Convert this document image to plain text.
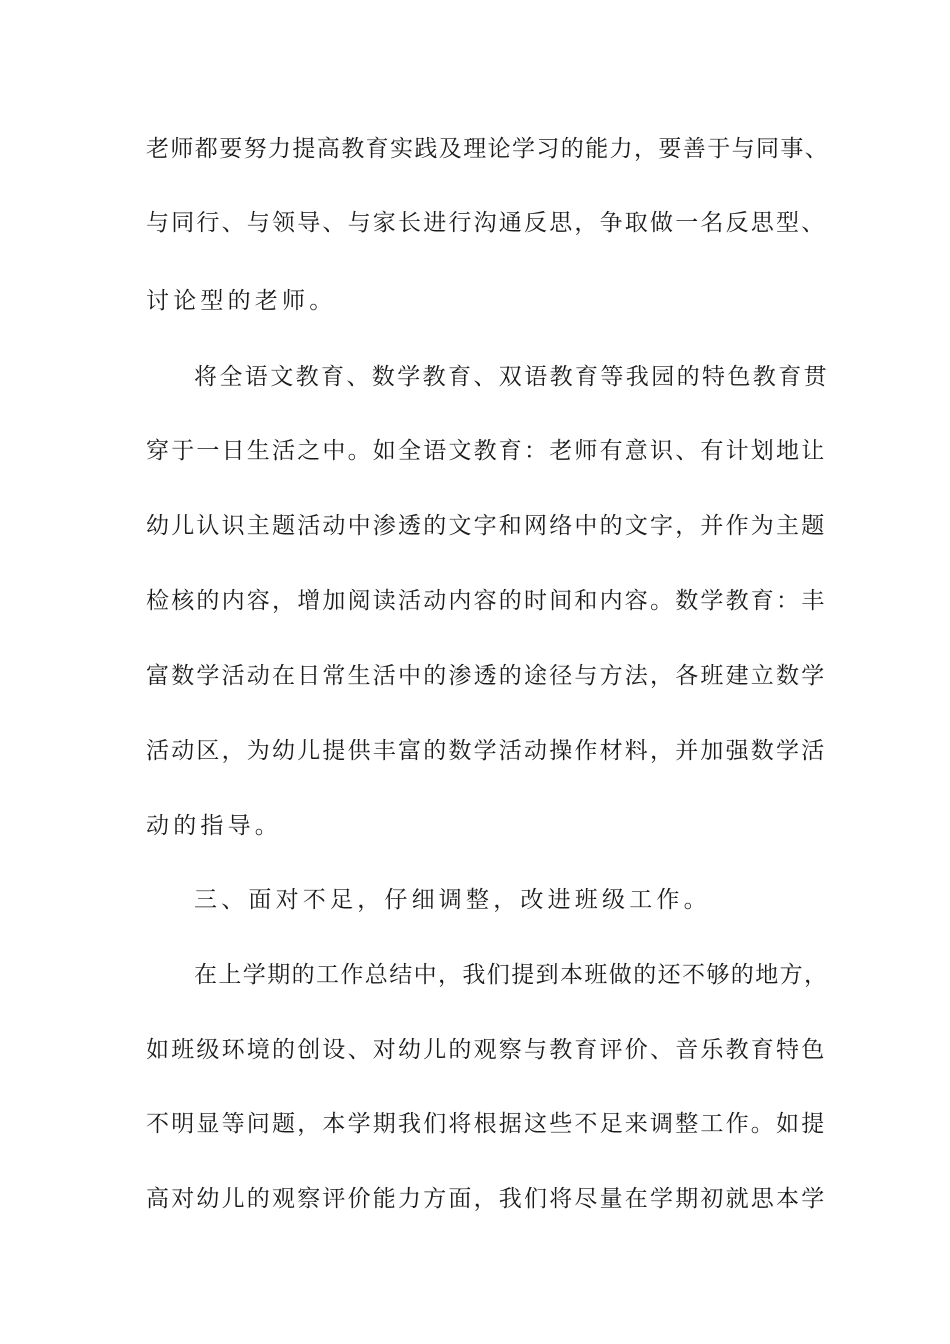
老师都要努力提高教育实践及理论学习的能力，要善于与同事、

与同行、与领导、与家长进行沟通反思，争取做一名反思型、

讨论型的老师。

将全语文教育、数学教育、双语教育等我园的特色教育贯

穿于一日生活之中。如全语文教育：老师有意识、有计划地让

幼儿认识主题活动中渗透的文字和网络中的文字，并作为主题

检核的内容，增加阅读活动内容的时间和内容。数学教育：丰

富数学活动在日常生活中的渗透的途径与方法，各班建立数学

活动区，为幼儿提供丰富的数学活动操作材料，并加强数学活

动的指导。

三、面对不足，仔细调整，改进班级工作。

在上学期的工作总结中，我们提到本班做的还不够的地方，

如班级环境的创设、对幼儿的观察与教育评价、音乐教育特色

不明显等问题，本学期我们将根据这些不足来调整工作。如提

高对幼儿的观察评价能力方面，我们将尽量在学期初就思本学
